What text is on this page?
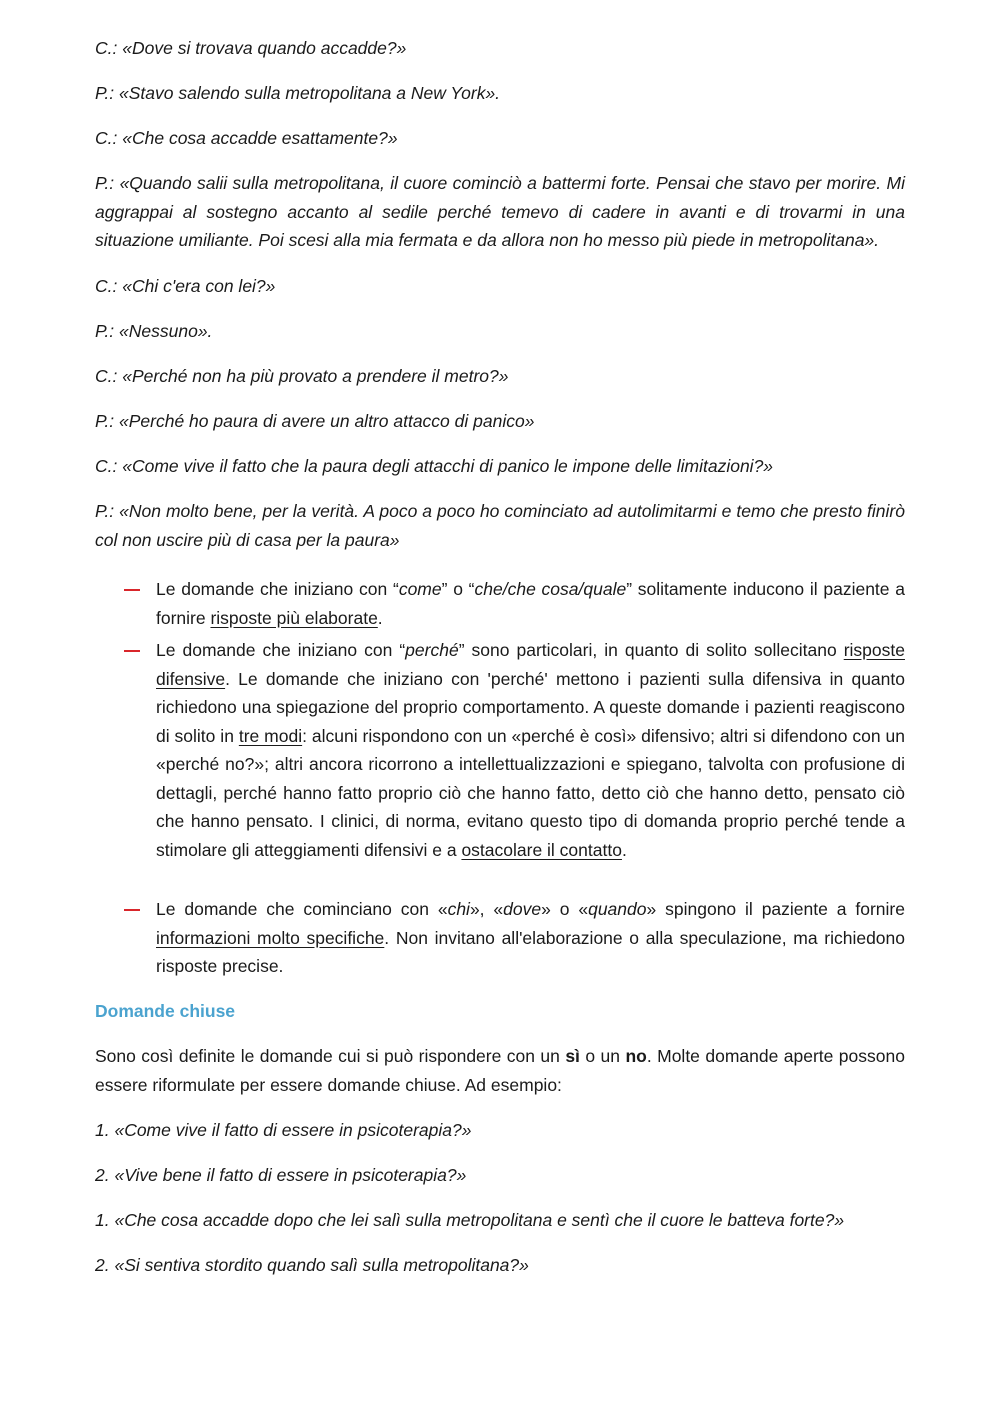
C.: «Dove si trovava quando accadde?»

P.: «Stavo salendo sulla metropolitana a New York».

C.: «Che cosa accadde esattamente?»

P.: «Quando salii sulla metropolitana, il cuore cominciò a battermi forte. Pensai che stavo per morire. Mi aggrappai al sostegno accanto al sedile perché temevo di cadere in avanti e di trovarmi in una situazione umiliante. Poi scesi alla mia fermata e da allora non ho messo più piede in metropolitana».

C.: «Chi c'era con lei?»

P.: «Nessuno».

C.: «Perché non ha più provato a prendere il metro?»

P.: «Perché ho paura di avere un altro attacco di panico»

C.: «Come vive il fatto che la paura degli attacchi di panico le impone delle limitazioni?»

P.: «Non molto bene, per la verità. A poco a poco ho cominciato ad autolimitarmi e temo che presto finirò col non uscire più di casa per la paura»

Le domande che iniziano con “come” o “che/che cosa/quale” solitamente inducono il paziente a fornire risposte più elaborate.

Le domande che iniziano con “perché” sono particolari, in quanto di solito sollecitano risposte difensive. Le domande che iniziano con 'perché' mettono i pazienti sulla difensiva in quanto richiedono una spiegazione del proprio comportamento. A queste domande i pazienti reagiscono di solito in tre modi: alcuni rispondono con un «perché è così» difensivo; altri si difendono con un «perché no?»; altri ancora ricorrono a intellettualizzazioni e spiegano, talvolta con profusione di dettagli, perché hanno fatto proprio ciò che hanno fatto, detto ciò che hanno detto, pensato ciò che hanno pensato. I clinici, di norma, evitano questo tipo di domanda proprio perché tende a stimolare gli atteggiamenti difensivi e a ostacolare il contatto.

Le domande che cominciano con «chi», «dove» o «quando» spingono il paziente a fornire informazioni molto specifiche. Non invitano all'elaborazione o alla speculazione, ma richiedono risposte precise.

Domande chiuse

Sono così definite le domande cui si può rispondere con un sì o un no. Molte domande aperte possono essere riformulate per essere domande chiuse. Ad esempio:

1. «Come vive il fatto di essere in psicoterapia?»

2. «Vive bene il fatto di essere in psicoterapia?»

1. «Che cosa accadde dopo che lei salì sulla metropolitana e sentì che il cuore le batteva forte?»

2. «Si sentiva stordito quando salì sulla metropolitana?»
